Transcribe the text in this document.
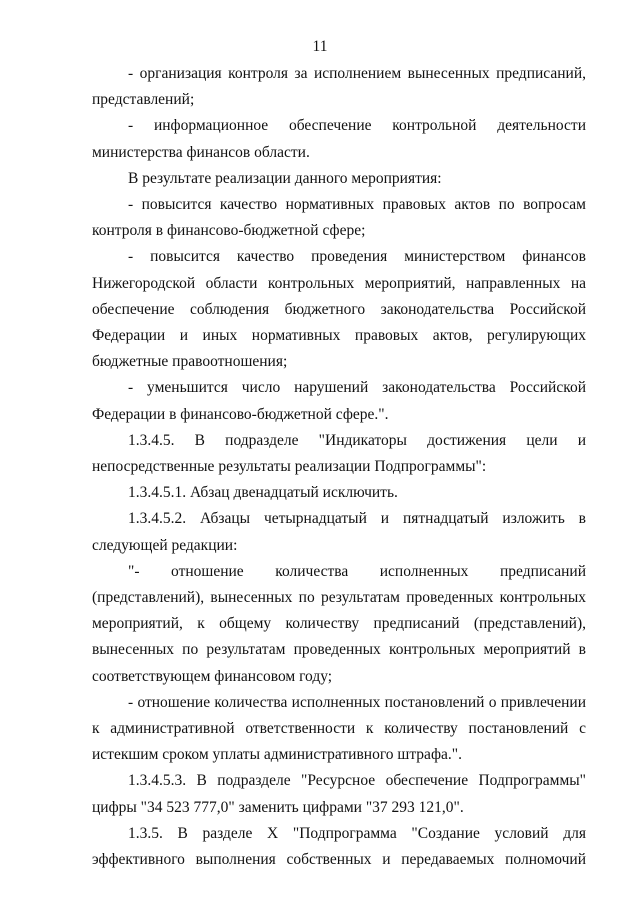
11

- организация контроля за исполнением вынесенных предписаний, представлений;

- информационное обеспечение контрольной деятельности министерства финансов области.

В результате реализации данного мероприятия:

- повысится качество нормативных правовых актов по вопросам контроля в финансово-бюджетной сфере;

- повысится качество проведения министерством финансов Нижегородской области контрольных мероприятий, направленных на обеспечение соблюдения бюджетного законодательства Российской Федерации и иных нормативных правовых актов, регулирующих бюджетные правоотношения;

- уменьшится число нарушений законодательства Российской Федерации в финансово-бюджетной сфере.".

1.3.4.5. В подразделе "Индикаторы достижения цели и непосредственные результаты реализации Подпрограммы":

1.3.4.5.1. Абзац двенадцатый исключить.

1.3.4.5.2. Абзацы четырнадцатый и пятнадцатый изложить в следующей редакции:

"- отношение количества исполненных предписаний (представлений), вынесенных по результатам проведенных контрольных мероприятий, к общему количеству предписаний (представлений), вынесенных по результатам проведенных контрольных мероприятий в соответствующем финансовом году;

- отношение количества исполненных постановлений о привлечении к административной ответственности к количеству постановлений с истекшим сроком уплаты административного штрафа.".

1.3.4.5.3. В подразделе "Ресурсное обеспечение Подпрограммы" цифры "34 523 777,0" заменить цифрами "37 293 121,0".

1.3.5. В разделе X "Подпрограмма "Создание условий для эффективного выполнения собственных и передаваемых полномочий
